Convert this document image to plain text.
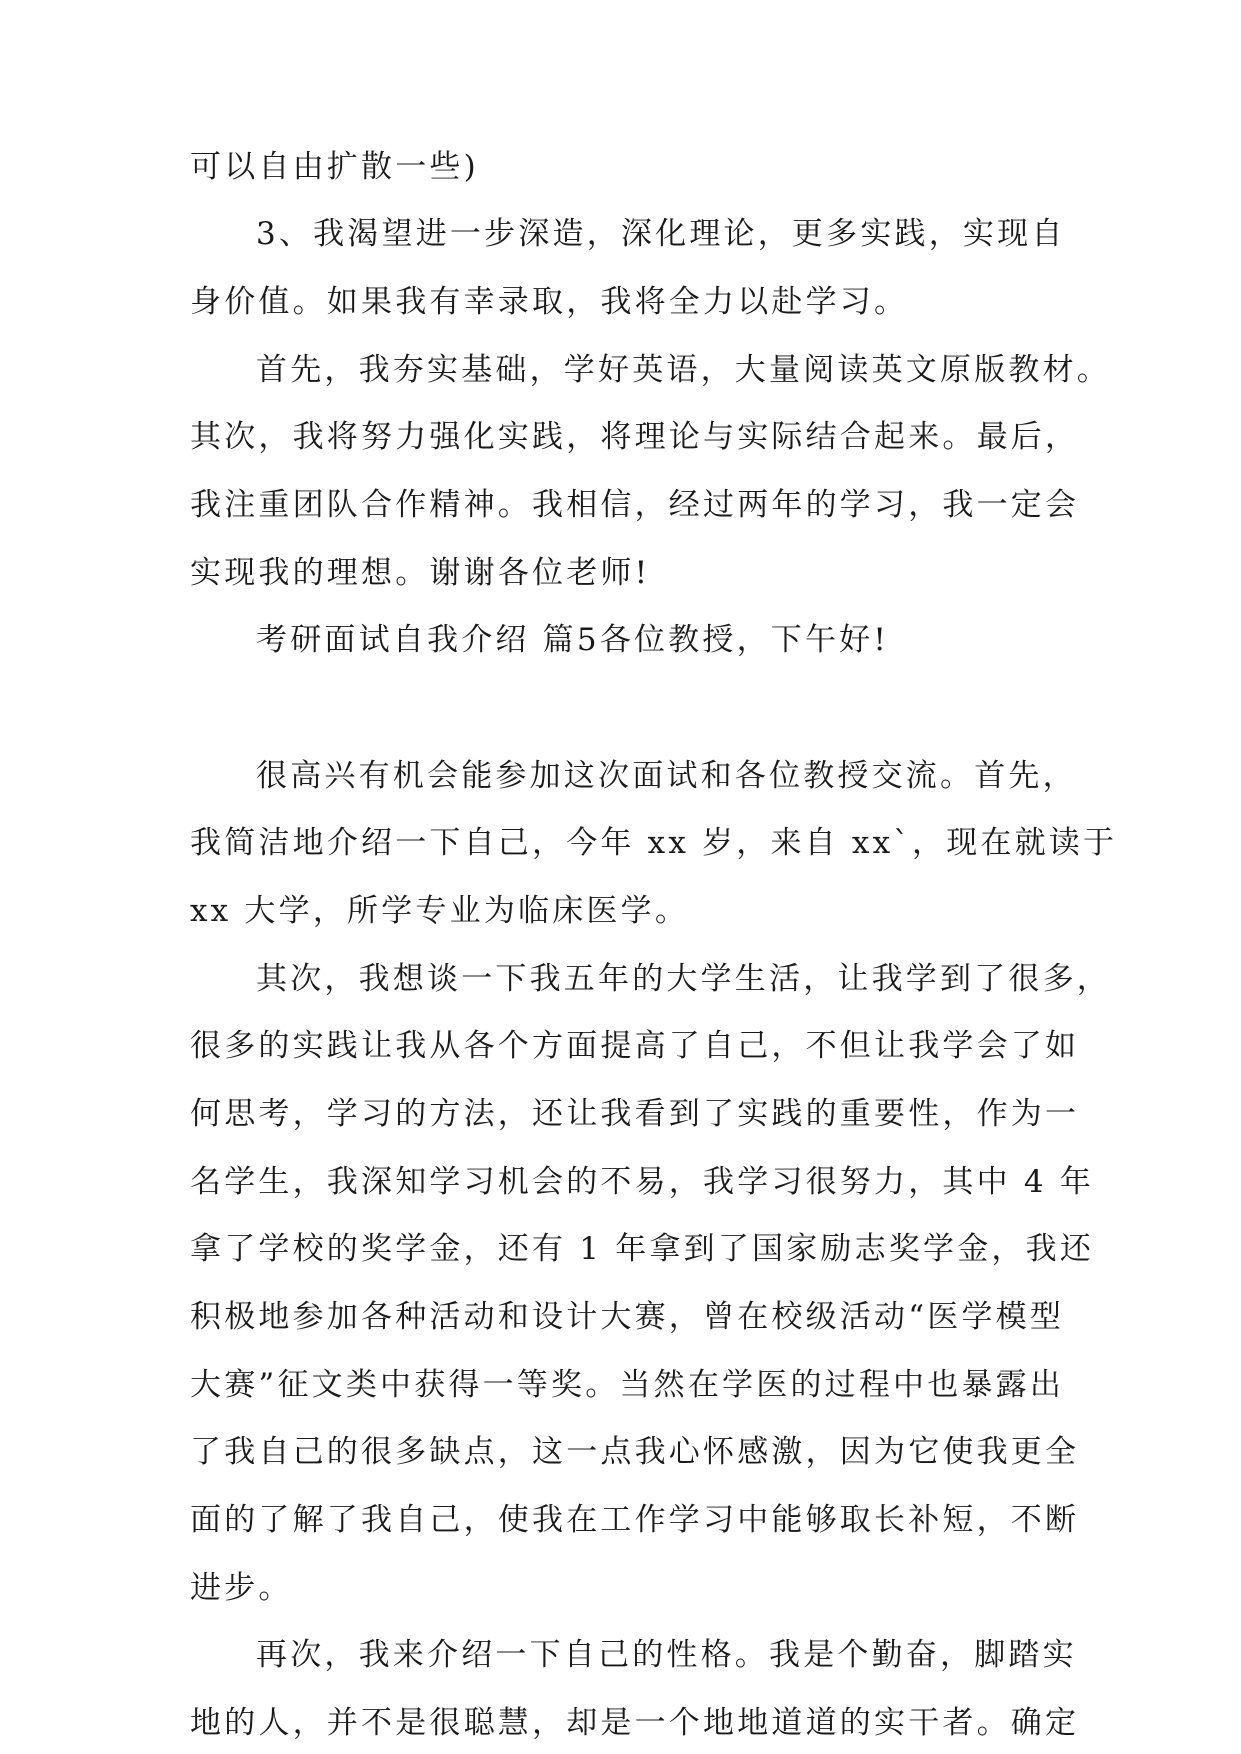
可以自由扩散一些)
3、我渴望进一步深造，深化理论，更多实践，实现自
身价值。如果我有幸录取，我将全力以赴学习。
首先，我夯实基础，学好英语，大量阅读英文原版教材。
其次，我将努力强化实践，将理论与实际结合起来。最后，
我注重团队合作精神。我相信，经过两年的学习，我一定会
实现我的理想。谢谢各位老师!
考研面试自我介绍 篇5各位教授，下午好!
很高兴有机会能参加这次面试和各位教授交流。首先，
我简洁地介绍一下自己，今年 xx 岁，来自 xx`，现在就读于
xx 大学，所学专业为临床医学。
其次，我想谈一下我五年的大学生活，让我学到了很多，
很多的实践让我从各个方面提高了自己，不但让我学会了如
何思考，学习的方法，还让我看到了实践的重要性，作为一
名学生，我深知学习机会的不易，我学习很努力，其中 4 年
拿了学校的奖学金，还有 1 年拿到了国家励志奖学金，我还
积极地参加各种活动和设计大赛，曾在校级活动“医学模型
大赛”征文类中获得一等奖。当然在学医的过程中也暴露出
了我自己的很多缺点，这一点我心怀感激，因为它使我更全
面的了解了我自己，使我在工作学习中能够取长补短，不断
进步。
再次，我来介绍一下自己的性格。我是个勤奋，脚踏实
地的人，并不是很聪慧，却是一个地地道道的实干者。确定
